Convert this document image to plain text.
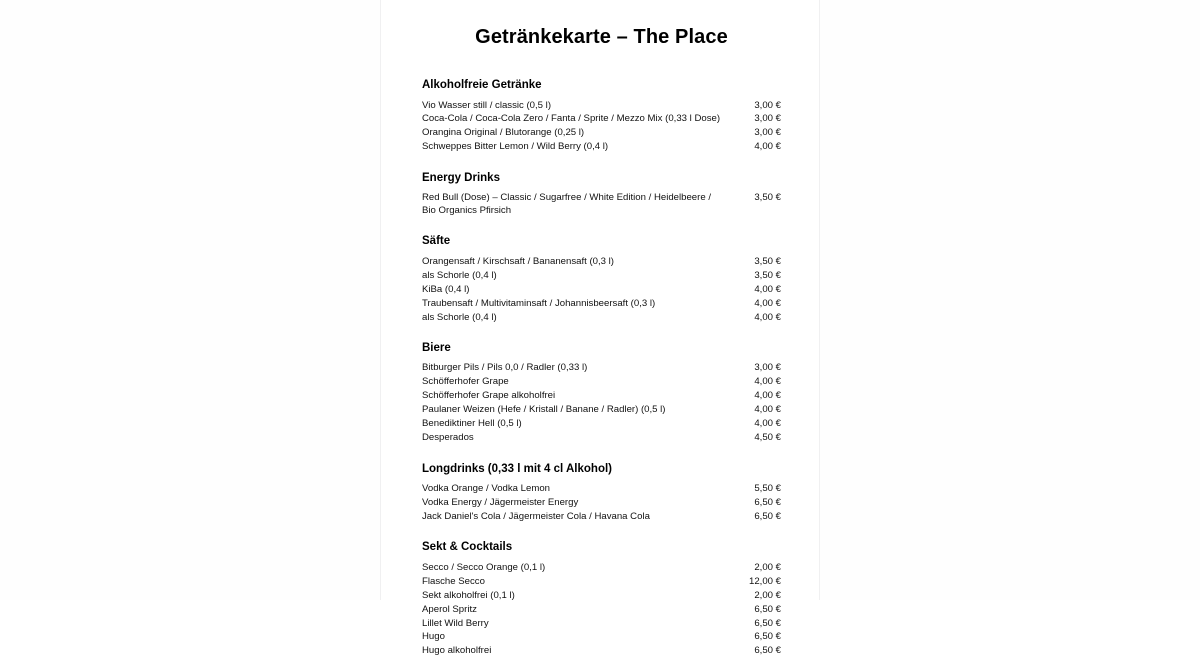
Getränkekarte – The Place
Alkoholfreie Getränke
Vio Wasser still / classic (0,5 l)	3,00 €
Coca-Cola / Coca-Cola Zero / Fanta / Sprite / Mezzo Mix (0,33 l Dose)	3,00 €
Orangina Original / Blutorange (0,25 l)	3,00 €
Schweppes Bitter Lemon / Wild Berry (0,4 l)	4,00 €
Energy Drinks
Red Bull (Dose) – Classic / Sugarfree / White Edition / Heidelbeere / Bio Organics Pfirsich
3,50 €
Säfte
Orangensaft / Kirschsaft / Bananensaft (0,3 l)	3,50 €
als Schorle (0,4 l)	3,50 €
KiBa (0,4 l)	4,00 €
Traubensaft / Multivitaminsaft / Johannisbeersaft (0,3 l)	4,00 €
als Schorle (0,4 l)	4,00 €
Biere
Bitburger Pils / Pils 0,0 / Radler (0,33 l)	3,00 €
Schöfferhofer Grape	4,00 €
Schöfferhofer Grape alkoholfrei	4,00 €
Paulaner Weizen (Hefe / Kristall / Banane / Radler) (0,5 l)	4,00 €
Benediktiner Hell (0,5 l)	4,00 €
Desperados	4,50 €
Longdrinks (0,33 l mit 4 cl Alkohol)
Vodka Orange / Vodka Lemon	5,50 €
Vodka Energy / Jägermeister Energy	6,50 €
Jack Daniel's Cola / Jägermeister Cola / Havana Cola	6,50 €
Sekt & Cocktails
Secco / Secco Orange (0,1 l)	2,00 €
Flasche Secco	12,00 €
Sekt alkoholfrei (0,1 l)	2,00 €
Aperol Spritz	6,50 €
Lillet Wild Berry	6,50 €
Hugo	6,50 €
Hugo alkoholfrei	6,50 €
